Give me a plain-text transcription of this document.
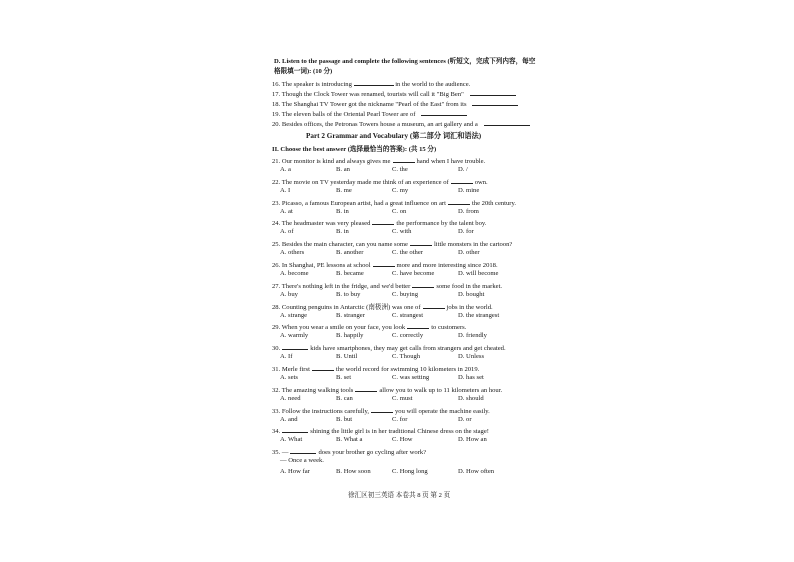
D. Listen to the passage and complete the following sentences (听短文，完成下列内容，每空
格限填一词): (10 分)
16. The speaker is introducing	in the world to the audience.
17. Though the Clock Tower was renamed, tourists will call it "Big Ben"
18. The Shanghai TV Tower got the nickname "Pearl of the East" from its
19. The eleven balls of the Oriental Pearl Tower are of
20. Besides offices, the Petronas Towers house a museum, an art gallery and a
Part 2 Grammar and Vocabulary (第二部分 词汇和语法)
II. Choose the best answer (选择最恰当的答案): (共 15 分)
21. Our monitor is kind and always gives me	hand when I have trouble.
A. a	B. an	C. the	D. /
22. The movie on TV yesterday made me think of an experience of	own.
A. I	B. me	C. my	D. mine
23. Picasso, a famous European artist, had a great influence on art	the 20th century.
A. at	B. in	C. on	D. from
24. The headmaster was very pleased	the performance by the talent boy.
A. of	B. in	C. with	D. for
25. Besides the main character, can you name some	little monsters in the cartoon?
A. others	B. another	C. the other	D. other
26. In Shanghai, PE lessons at school	more and more interesting since 2018.
A. become	B. became	C. have become	D. will become
27. There's nothing left in the fridge, and we'd better	some food in the market.
A. buy	B. to buy	C. buying	D. bought
28. Counting penguins in Antarctic (南极洲) was one of	jobs in the world.
A. strange	B. stranger	C. strangest	D. the strangest
29. When you wear a smile on your face, you look	to customers.
A. warmly	B. happily	C. correctly	D. friendly
30.	kids have smartphones, they may get calls from strangers and get cheated.
A. If	B. Until	C. Though	D. Unless
31. Merle first	the world record for swimming 10 kilometers in 2019.
A. sets	B. set	C. was setting	D. has set
32. The amazing walking tools	allow you to walk up to 11 kilometers an hour.
A. need	B. can	C. must	D. should
33. Follow the instructions carefully,	you will operate the machine easily.
A. and	B. but	C. for	D. or
34.	shining the little girl is in her traditional Chinese dress on the stage!
A. What	B. What a	C. How	D. How an
35. —	does your brother go cycling after work?
— Once a week.
A. How far	B. How soon	C. Hong long	D. How often
徐汇区初三英语 本卷共 8 页 第 2 页
